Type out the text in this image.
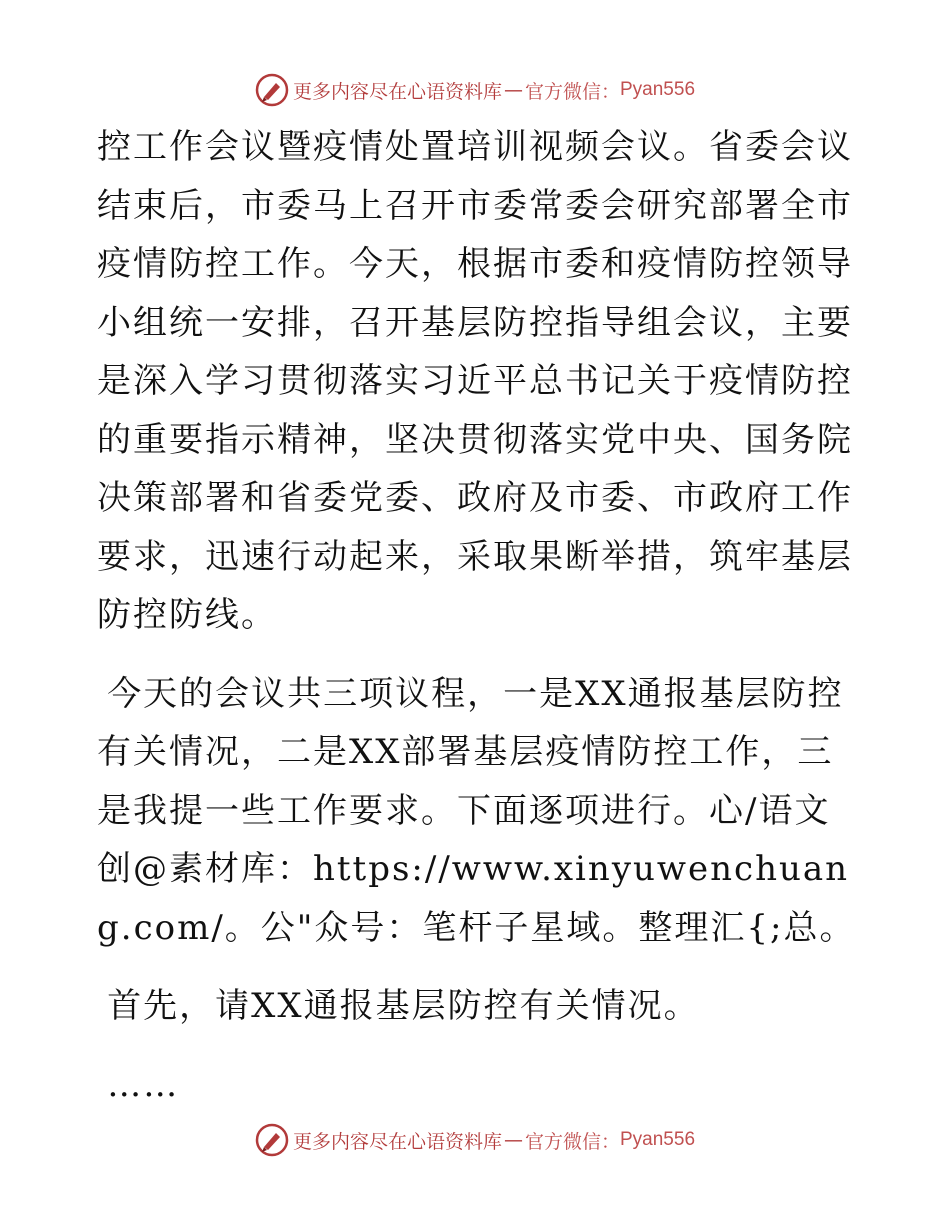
更多内容尽在心语资料库 — 官方微信： Pyan556

控工作会议暨疫情处置培训视频会议。省委会议结束后，市委马上召开市委常委会研究部署全市疫情防控工作。今天，根据市委和疫情防控领导小组统一安排，召开基层防控指导组会议，主要是深入学习贯彻落实习近平总书记关于疫情防控的重要指示精神，坚决贯彻落实党中央、国务院决策部署和省委党委、政府及市委、市政府工作要求，迅速行动起来，采取果断举措，筑牢基层防控防线。

今天的会议共三项议程，一是XX通报基层防控有关情况，二是XX部署基层疫情防控工作，三是我提一些工作要求。下面逐项进行。心/语文创@素材库：https://www.xinyuwenchuang.com/。公"众号：笔杆子星域。整理汇{;总。

首先，请XX通报基层防控有关情况。

……

更多内容尽在心语资料库 — 官方微信： Pyan556
